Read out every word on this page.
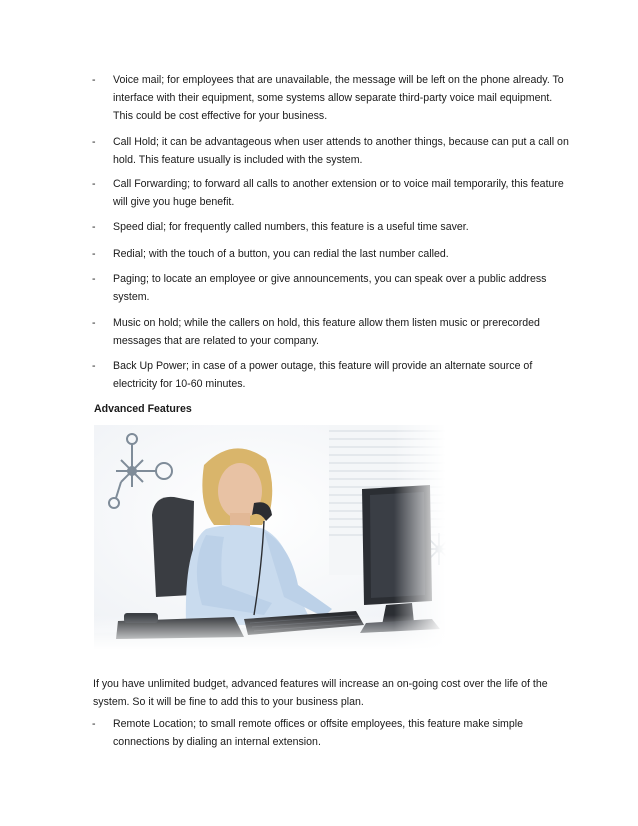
- Voice mail; for employees that are unavailable, the message will be left on the phone already. To interface with their equipment, some systems allow separate third-party voice mail equipment. This could be cost effective for your business.
- Call Hold; it can be advantageous when user attends to another things, because can put a call on hold. This feature usually is included with the system.
- Call Forwarding; to forward all calls to another extension or to voice mail temporarily, this feature will give you huge benefit.
- Speed dial; for frequently called numbers, this feature is a useful time saver.
- Redial; with the touch of a button, you can redial the last number called.
- Paging; to locate an employee or give announcements, you can speak over a public address system.
- Music on hold; while the callers on hold, this feature allow them listen music or prerecorded messages that are related to your company.
- Back Up Power; in case of a power outage, this feature will provide an alternate source of electricity for 10-60 minutes.
Advanced Features
If you have unlimited budget, advanced features will increase an on-going cost over the life of the system. So it will be fine to add this to your business plan.
- Remote Location; to small remote offices or offsite employees, this feature make simple connections by dialing an internal extension.
